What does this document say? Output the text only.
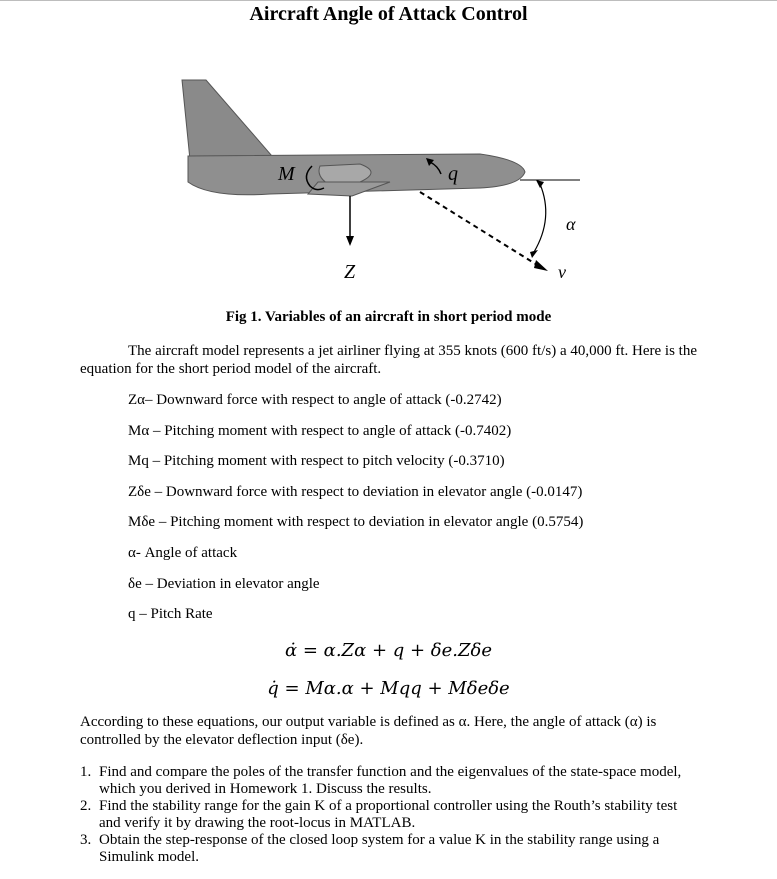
Aircraft Angle of Attack Control
M	q
Z	v
α
Fig 1. Variables of an aircraft in short period mode
The aircraft model represents a jet airliner flying at 355 knots (600 ft/s) a 40,000 ft. Here is the equation for the short period model of the aircraft.
Zα– Downward force with respect to angle of attack (-0.2742)
Mα – Pitching moment with respect to angle of attack (-0.7402)
Mq – Pitching moment with respect to pitch velocity (-0.3710)
Zδe – Downward force with respect to deviation in elevator angle (-0.0147)
Mδe – Pitching moment with respect to deviation in elevator angle (0.5754)
α- Angle of attack
δe – Deviation in elevator angle
q – Pitch Rate
α̇ = α.Zα + q + δe.Zδe
q̇ = Mα.α + Mqq + Mδeδe
According to these equations, our output variable is defined as α. Here, the angle of attack (α) is controlled by the elevator deflection input (δe).
1. Find and compare the poles of the transfer function and the eigenvalues of the state-space model, which you derived in Homework 1. Discuss the results.
2. Find the stability range for the gain K of a proportional controller using the Routh’s stability test and verify it by drawing the root-locus in MATLAB.
3. Obtain the step-response of the closed loop system for a value K in the stability range using a Simulink model.
